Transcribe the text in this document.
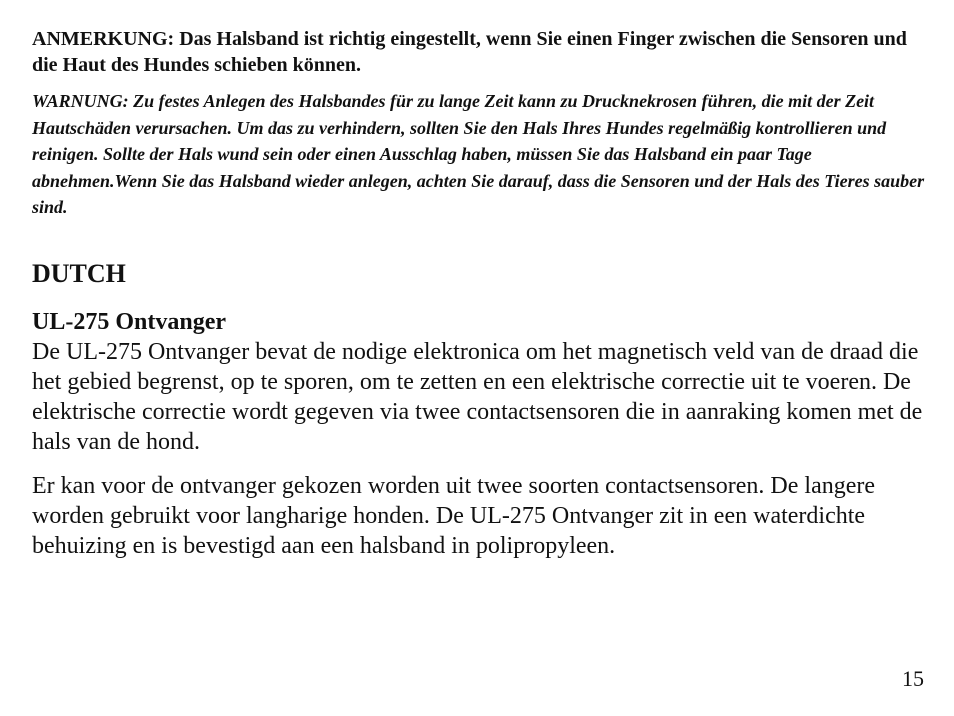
ANMERKUNG: Das Halsband ist richtig eingestellt, wenn Sie einen Finger zwischen die Sensoren und die Haut des Hundes schieben können.

WARNUNG: Zu festes Anlegen des Halsbandes für zu lange Zeit kann zu Drucknekrosen führen, die mit der Zeit Hautschäden verursachen. Um das zu verhindern, sollten Sie den Hals Ihres Hundes regelmäßig kontrollieren und reinigen. Sollte der Hals wund sein oder einen Ausschlag haben, müssen Sie das Halsband ein paar Tage abnehmen.Wenn Sie das Halsband wieder anlegen, achten Sie darauf, dass die Sensoren und der Hals des Tieres sauber sind.

DUTCH
UL-275 Ontvanger

De UL-275 Ontvanger bevat de nodige elektronica om het magnetisch veld van de draad die het gebied begrenst, op te sporen, om te zetten en een elektrische correctie uit te voeren. De elektrische correctie wordt gegeven via twee contactsensoren die in aanraking komen met de hals van de hond.

Er kan voor de ontvanger gekozen worden uit twee soorten contactsensoren. De langere worden gebruikt voor langharige honden. De UL-275 Ontvanger zit in een waterdichte behuizing en is bevestigd aan een halsband in polipropyleen.

15
